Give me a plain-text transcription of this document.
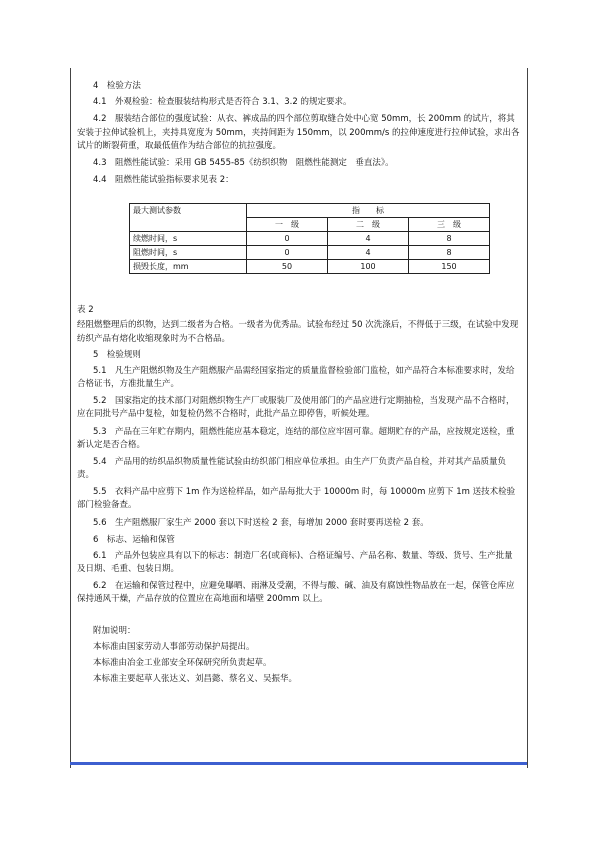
4　检验方法

4.1　外观检验：检查服装结构形式是否符合 3.1、3.2 的规定要求。

4.2　服装结合部位的强度试验：从衣、裤成品的四个部位剪取缝合处中心宽 50mm，长 200mm 的试片，将其安装于拉伸试验机上，夹持具宽度为 50mm，夹持间距为 150mm，以 200mm/s 的拉伸速度进行拉伸试验，求出各试片的断裂荷重，取最低值作为结合部位的抗拉强度。

4.3　阻燃性能试验：采用 GB 5455-85《纺织织物　阻燃性能测定　垂直法》。

4.4　阻燃性能试验指标要求见表 2：

最大测试参数	指　　标		
	一　级	二　级	三　级
续燃时间，s	0	4	8
阻燃时间，s	0	4	8
损毁长度，mm	50	100	150

表 2

经阻燃整理后的织物，达到二级者为合格。一级者为优秀品。试验布经过 50 次洗涤后，不得低于三级，在试验中发现纺织产品有熔化收缩现象时为不合格品。

5　检验规则

5.1　凡生产阻燃织物及生产阻燃服产品需经国家指定的质量监督检验部门监检，如产品符合本标准要求时，发给合格证书，方准批量生产。

5.2　国家指定的技术部门对阻燃织物生产厂或服装厂及使用部门的产品应进行定期抽检，当发现产品不合格时，应在同批号产品中复检，如复检仍然不合格时，此批产品立即停售，听候处理。

5.3　产品在三年贮存期内，阻燃性能应基本稳定，连结的部位应牢固可靠。超期贮存的产品，应按规定送检，重新认定是否合格。

5.4　产品用的纺织品织物质量性能试验由纺织部门相应单位承担。由生产厂负责产品自检，并对其产品质量负责。

5.5　衣料产品中应剪下 1m 作为送检样品，如产品每批大于 10000m 时，每 10000m 应剪下 1m 送技术检验部门检验备查。

5.6　生产阻燃服厂家生产 2000 套以下时送检 2 套，每增加 2000 套时要再送检 2 套。

6　标志、运输和保管

6.1　产品外包装应具有以下的标志：制造厂名(或商标)、合格证编号、产品名称、数量、等级、货号、生产批量及日期、毛重、包装日期。

6.2　在运输和保管过程中，应避免曝晒、雨淋及受潮，不得与酸、碱、油及有腐蚀性物品放在一起，保管仓库应保持通风干燥，产品存放的位置应在高地面和墙壁 200mm 以上。

附加说明：

本标准由国家劳动人事部劳动保护局提出。

本标准由冶金工业部安全环保研究所负责起草。

本标准主要起草人张达义、刘昌懿、蔡名义、吴振华。
